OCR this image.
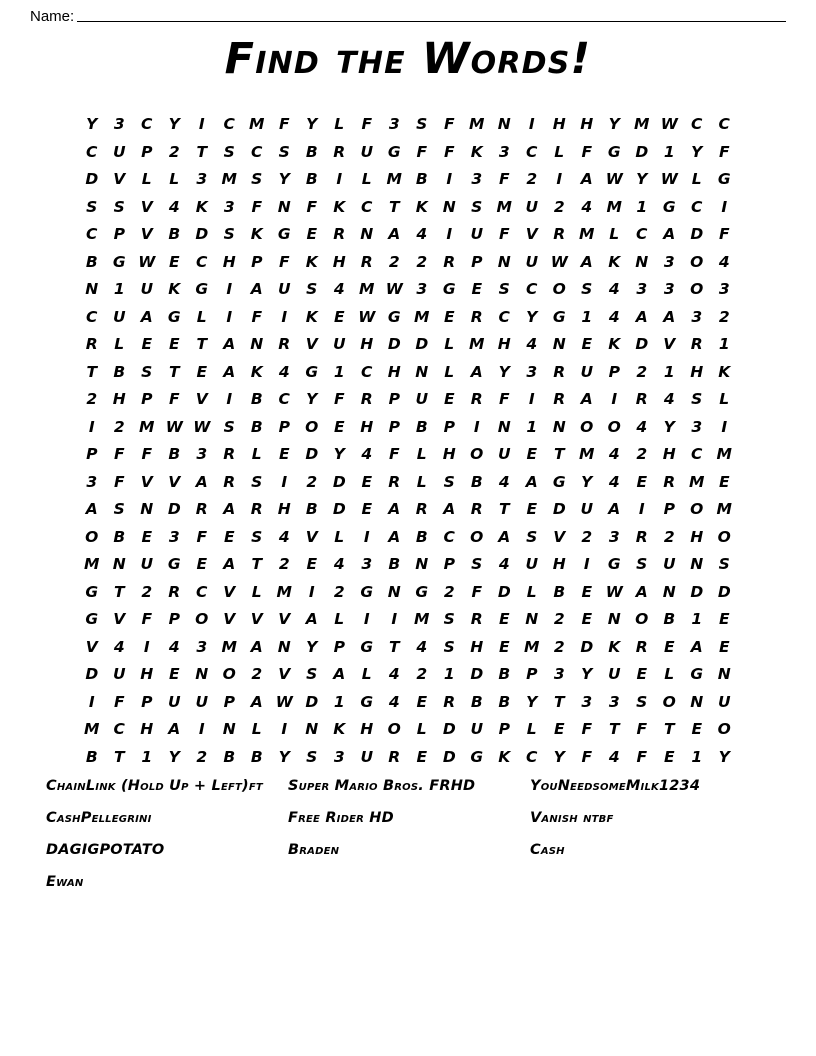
Name:
Find the Words!
Y	3	C	Y	I	C M F	Y	L	F	3	S	F M N	I	H H Y M W C	C
C	U	P	2	T	S	C	S	B	R U G	F	F	K	3	C	L	F	G D	1	Y	F
D V	L	L	3 M S	Y	B	I	L M B	I	3	F	2	I	A W Y W L	G
S	S	V	4	K	3	F	N	F	K	C	T	K N S M U	2	4 M 1	G C	I
C	P	V	B D S	K G	E	R N A	4	I	U	F	V	R M L	C	A D	F
B G W E	C H P	F	K H R	2	2	R	P N U W A K N	3	O	4
N	1	U K G	I	A U	S	4 M W 3	G	E	S	C O S	4	3	3	O	3
C	U A G	L	I	F	I	K	E W G M E	R	C	Y	G	1	4	A	A	3	2
R	L	E	E	T	A N R	V U H D D	L M H	4	N	E	K D V	R	1
T	B	S	T	E	A K	4	G	1	C H N	L	A	Y	3	R U	P	2	1	H K
2	H P	F	V	I	B	C	Y	F	R	P	U	E	R	F	I	R	A	I	R	4	S	L
I	2 M W W S	B	P O	E	H P	B	P	I	N	1	N O O	4	Y	3	I
P	F	F	B	3	R	L	E	D Y	4	F	L	H O U	E	T M 4	2	H C M
3	F	V	V	A	R	S	I	2	D	E	R	L	S	B	4	A G	Y	4	E	R M E
A	S N D R	A	R H B D	E	A	R	A	R	T	E	D U A	I	P O M
O B	E	3	F	E	S	4	V	L	I	A	B	C O A	S	V	2	3	R	2	H O
M N U G	E	A	T	2	E	4	3	B N P	S	4	U H	I	G	S	U N S
G	T	2	R	C	V	L M	I	2	G N G	2	F	D	L	B	E W A N D D
G V	F	P O V	V	V	A	L	I	I	M S	R	E	N	2	E	N O B	1	E
V	4	I	4	3 M A N Y	P G	T	4	S H	E M 2	D K	R	E	A	E
D U H	E	N O	2	V	S	A	L	4	2	1	D B	P	3	Y	U	E	L	G N
I	F	P	U U	P	A W D	1	G	4	E	R	B	B	Y	T	3	3	S O N U
M C H A	I	N	L	I	N K H O	L	D U	P	L	E	F	T	F	T	E	O
B	T	1	Y	2	B	B	Y	S	3	U R	E	D G K	C	Y	F	4	F	E	1	Y
ChainLink (Hold Up + Left)ft	Super Mario Bros. FRHD	YouNeedsomeMilk1234
CashPellegrini	Free Rider HD	Vanish ntbf
DAGIGPOTATO	Braden	Cash
Ewan
